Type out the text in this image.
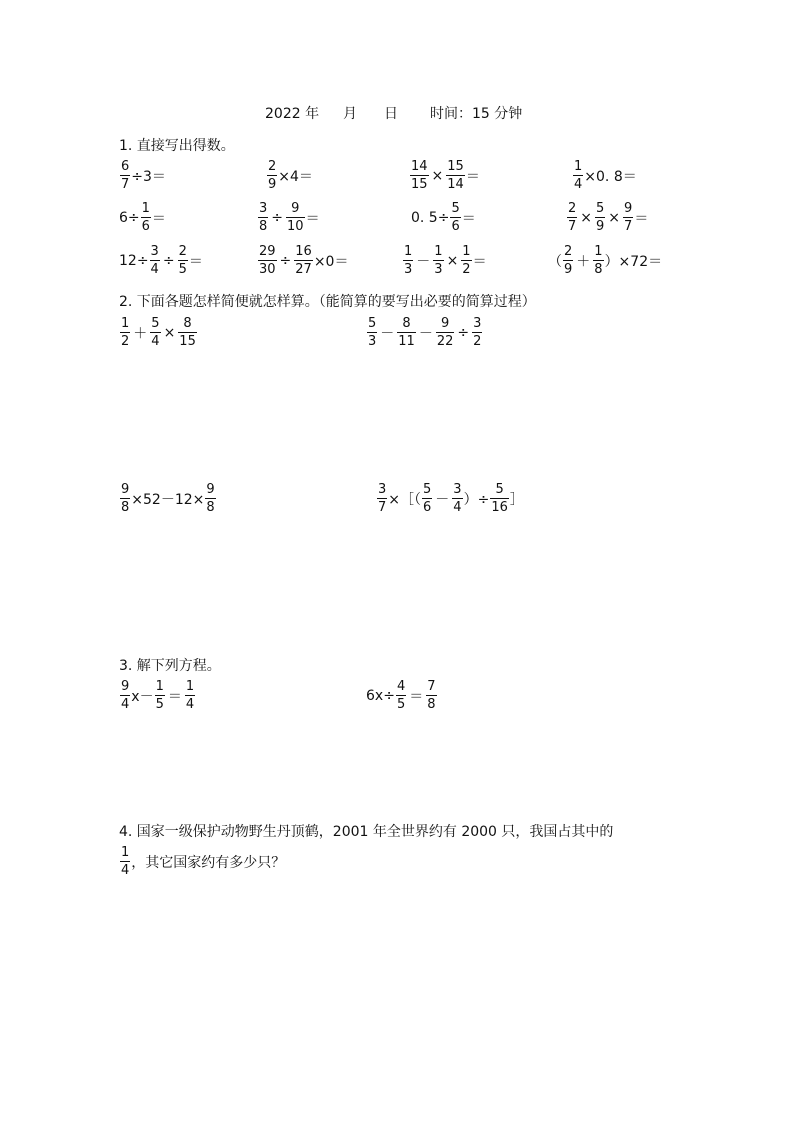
2022 年 月 日 时间：15 分钟
1. 直接写出得数。
$\frac{6}{7} \div 3=$	$\frac{2}{9} \times 4=$	$\frac{14}{15} \times \frac{15}{14}$ ＝	$\frac{1}{4} \times 0$. 8＝
$6\div \frac{1}{6}$ ＝	$\frac{3}{8} \div \frac{9}{10}$ ＝	0. $5\div \frac{5}{6}$ ＝	$\frac{2}{7} \times \frac{5}{9} \times \frac{9}{7}$ ＝
$12\div \frac{3}{4} \div \frac{2}{5}$ ＝	$\frac{29}{30} \div \frac{16}{27} \times 0=$	$\frac{1}{3} - \frac{1}{3} \times \frac{1}{2}$ ＝	（ $\frac{2}{9} + \frac{1}{8} )\times 72=$
2. 下面各题怎样简便就怎样算。（能简算的要写出必要的简算过程）
$\frac{1}{2} + \frac{5}{4} \times \frac{8}{15}$	$\frac{5}{3} - \frac{8}{11} - \frac{9}{22} \div \frac{3}{2}$
$\frac{9}{8} \times 52-12\times \frac{9}{8}$	$\frac{3}{7}$ ×［（ $\frac{5}{6} - \frac{3}{4}$ ）÷ $\frac{5}{16}$ ］
3. 解下列方程。
$\frac{9}{4} x- \frac{1}{5} = \frac{1}{4}$	$6x\div \frac{4}{5} = \frac{7}{8}$
4. 国家一级保护动物野生丹顶鹤，2001 年全世界约有 2000 只，我国占其中的
$\frac{1}{4}$ ，其它国家约有多少只？
